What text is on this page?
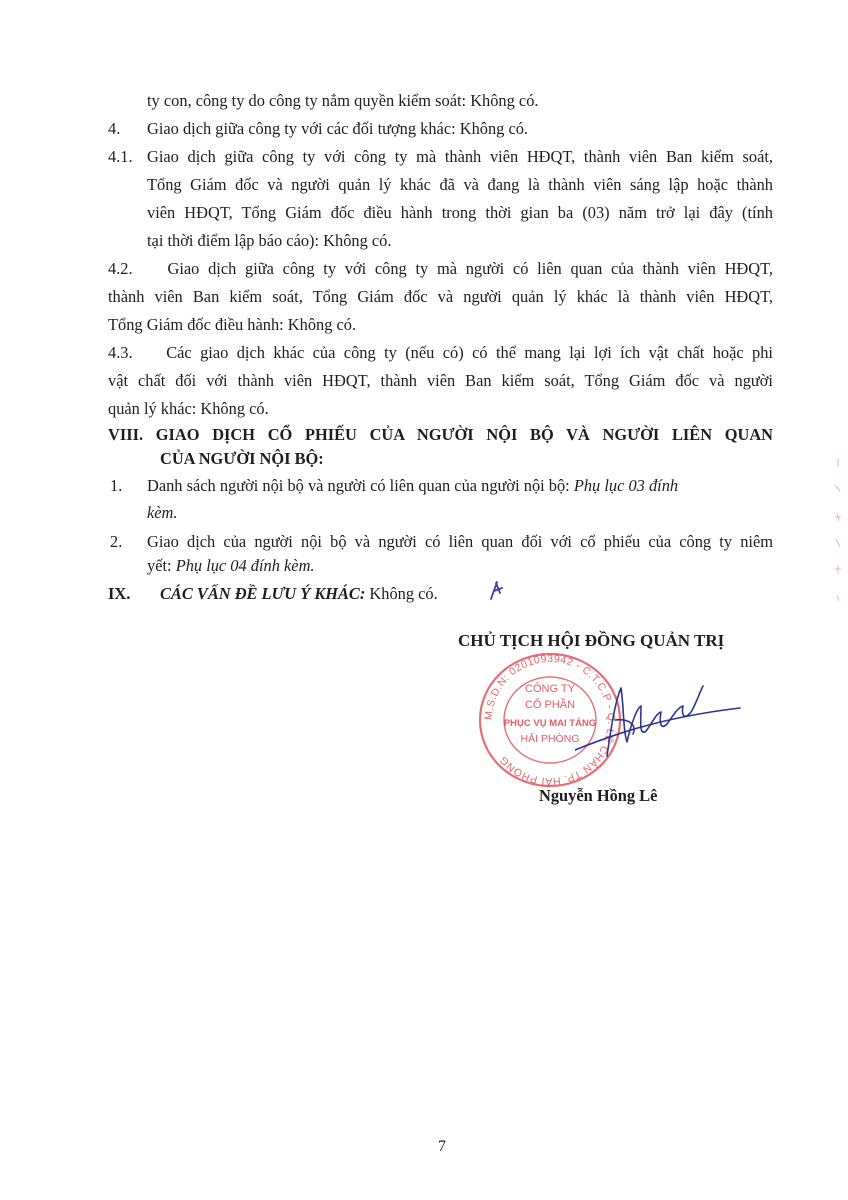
ty con, công ty do công ty nắm quyền kiểm soát: Không có.
4. Giao dịch giữa công ty với các đối tượng khác: Không có.
4.1. Giao dịch giữa công ty với công ty mà thành viên HĐQT, thành viên Ban kiểm soát,
Tổng Giám đốc và người quản lý khác đã và đang là thành viên sáng lập hoặc thành
viên HĐQT, Tổng Giám đốc điều hành trong thời gian ba (03) năm trở lại đây (tính
tại thời điểm lập báo cáo): Không có.
4.2.    Giao dịch giữa công ty với công ty mà người có liên quan của thành viên HĐQT,
thành viên Ban kiểm soát, Tổng Giám đốc và người quản lý khác là thành viên HĐQT,
Tổng Giám đốc điều hành: Không có.
4.3.    Các giao dịch khác của công ty (nếu có) có thể mang lại lợi ích vật chất hoặc phi
vật chất đối với thành viên HĐQT, thành viên Ban kiểm soát, Tổng Giám đốc và người
quản lý khác: Không có.
VIII. GIAO DỊCH CỔ PHIẾU CỦA NGƯỜI NỘI BỘ VÀ NGƯỜI LIÊN QUAN
CỦA NGƯỜI NỘI BỘ:
1. Danh sách người nội bộ và người có liên quan của người nội bộ: Phụ lục 03 đính
kèm.
2. Giao dịch của người nội bộ và người có liên quan đối với cổ phiếu của công ty niêm
yết: Phụ lục 04 đính kèm.
IX. CÁC VẤN ĐỀ LƯU Ý KHÁC: Không có.
CHỦ TỊCH HỘI ĐỒNG QUẢN TRỊ
M.S.D.N: 0201093942 - C.T.C.P - Q. LÊ CHÂN TP. HẢI PHÒNG
CÔNG TY
CỔ PHẦN
PHỤC VỤ MAI TÁNG
HẢI PHÒNG
Nguyễn Hồng Lê
7
